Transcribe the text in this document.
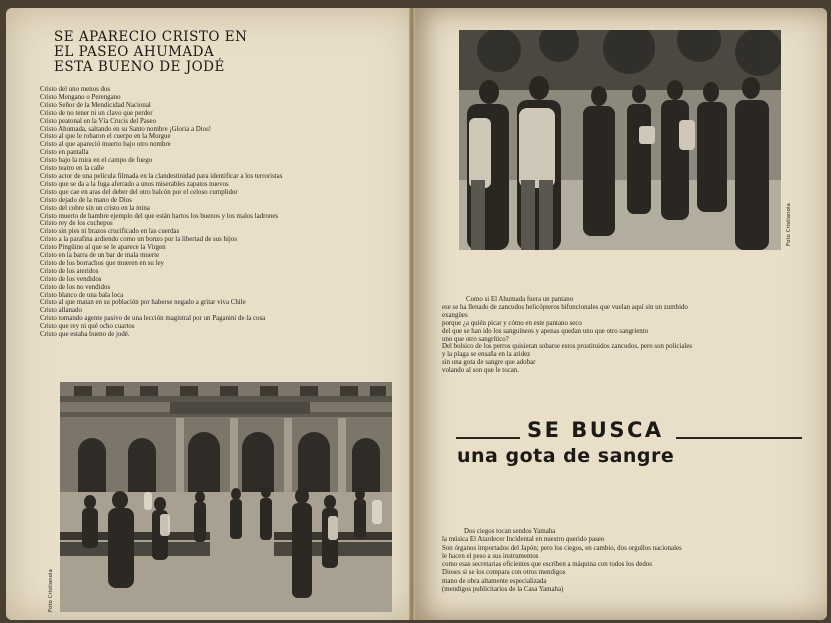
SE APARECIO CRISTO EN
EL PASEO AHUMADA
ESTA BUENO DE JODÉ
Cristo del uno menos dos
Cristo Mengano o Perengano
Cristo Señor de la Mendicidad Nacional
Cristo de no tener ni un clavo que perder
Cristo peatonal en la Vía Crucis del Paseo
Cristo Ahumada, saltando en su Santo nombre ¡Gloria a Dios!
Cristo al que le robaron el cuerpo en la Morgue
Cristo al que apareció muerto bajo otro nombre
Cristo en pantalla
Cristo bajo la mira en el campo de fuego
Cristo teatro en la calle
Cristo actor de una película filmada en la clandestinidad para identificar a los terroristas
Cristo que se da a la fuga aferrado a unos miserables zapatos nuevos
Cristo que cae en aras del deber del otro balcón por el celoso cumplidor
Cristo dejado de la mano de Dios
Cristo del cobre sin un cristo en la mina
Cristo muerto de hambre ejemplo del que están hartos los buenos y los malos ladrones
Cristo rey de los cuchepos
Cristo sin pies ni brazos crucificado en las cuerdas
Cristo a la parafina ardiendo como un bonzo por la libertad de sus hijos
Cristo Pingüino al que se le aparece la Virgen
Cristo en la barra de un bar de mala muerte
Cristo de los borrachos que mueren en su ley
Cristo de los ateridos
Cristo de los vendidos
Cristo de los no vendidos
Cristo blanco de una bala loca
Cristo al que matan en su población por haberse negado a gritar viva Chile
Cristo allanado
Cristo tomando agente pasivo de una lección magistral por un Paganini de la cosa
Cristo que rey ni qué ocho cuartos
Cristo que estaba bueno de jodé.
Foto Cristianoia
Foto Cristianoia
Como si El Ahumada fuera un pantano
ese se ha llenado de zancudos helicópteros bifuncionales que vuelan aquí sin un zumbido
exangües
porque ¿a quién picar y cómo en este pantano seco
del que se han ido los sanguíneos y apenas quedan uno que otro sangriento
uno que otro sangrítico?
Del bolsico de los perros quisieran sobarse estos prostituidos zancudos, pero son policiales
y la plaga se ensaña en la aridez
sin una gota de sangre que adobar
volando al son que le tocan.
SE BUSCA
una gota de sangre
Dos ciegos tocan sendos Yamaha
la música El Atardecer Incidental en nuestro querido paseo
Son órganos importados del Japón; pero los ciegos, en cambio, dos orgullos nacionales
le hacen el peso a sus instrumentos
como esas secretarias eficientes que escriben a máquina con todos los dedos
Dioses si se los compara con otros mendigos
mano de obra altamente especializada
(mendigos publicitarios de la Casa Yamaha)
